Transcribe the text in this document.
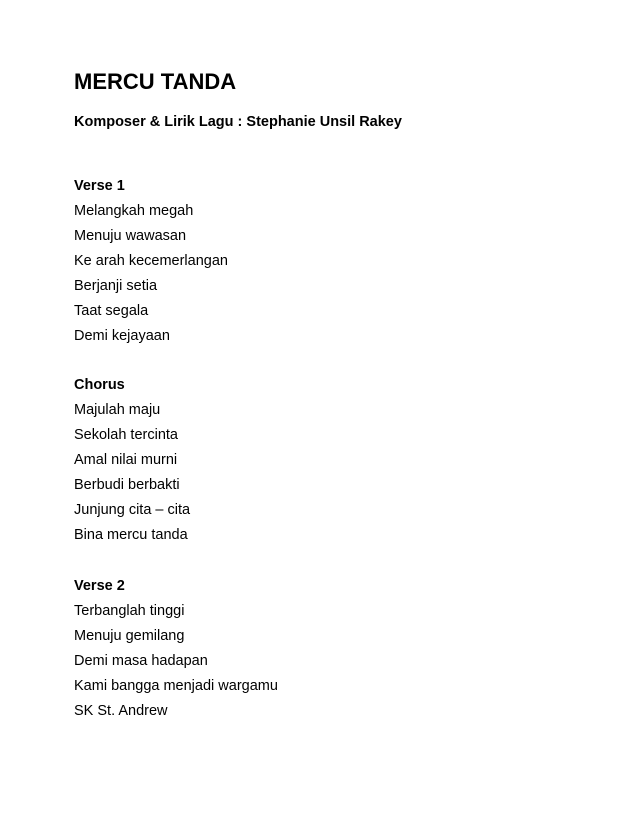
MERCU TANDA

Komposer & Lirik Lagu : Stephanie Unsil Rakey

Verse 1
Melangkah megah
Menuju wawasan
Ke arah kecemerlangan
Berjanji setia
Taat segala
Demi kejayaan
Chorus
Majulah maju
Sekolah tercinta
Amal nilai murni
Berbudi berbakti
Junjung cita – cita
Bina mercu tanda
Verse 2
Terbanglah tinggi
Menuju gemilang
Demi masa hadapan
Kami bangga menjadi wargamu
SK St. Andrew
